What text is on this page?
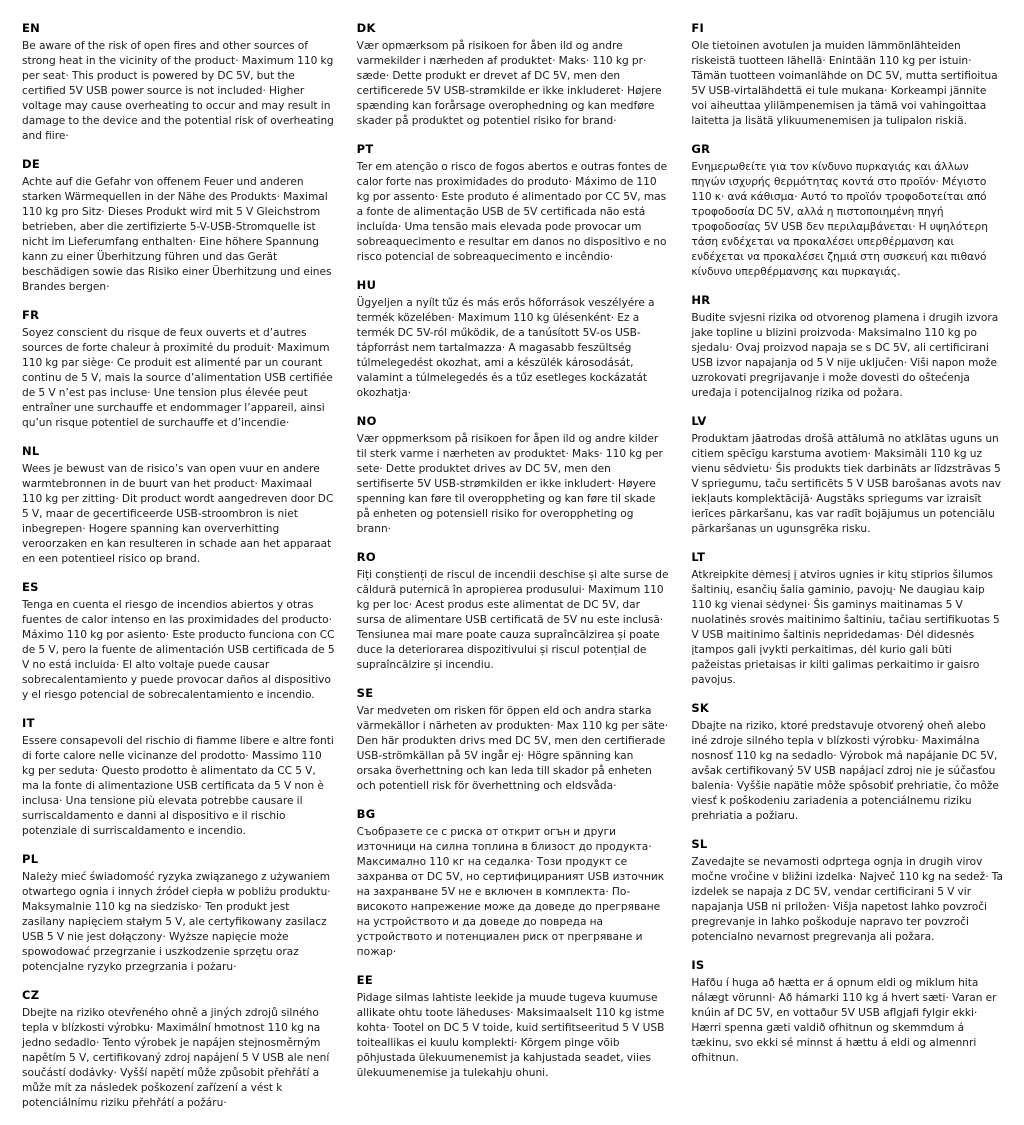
EN

Be aware of the risk of open fires and other sources of strong heat in the vicinity of the product· Maximum 110 kg per seat· This product is powered by DC 5V, but the certified 5V USB power source is not included· Higher voltage may cause overheating to occur and may result in damage to the device and the potential risk of overheating and fiire·

DE

Achte auf die Gefahr von offenem Feuer und anderen starken Wärmequellen in der Nähe des Produkts· Maximal 110 kg pro Sitz· Dieses Produkt wird mit 5 V Gleichstrom betrieben, aber die zertifizierte 5-V-USB-Stromquelle ist nicht im Lieferumfang enthalten· Eine höhere Spannung kann zu einer Überhitzung führen und das Gerät beschädigen sowie das Risiko einer Überhitzung und eines Brandes bergen·

FR

Soyez conscient du risque de feux ouverts et dʼautres sources de forte chaleur à proximité du produit· Maximum 110 kg par siège· Ce produit est alimenté par un courant continu de 5 V, mais la source dʼalimentation USB certifiée de 5 V nʼest pas incluse· Une tension plus élevée peut entraîner une surchauffe et endommager lʼappareil, ainsi quʼun risque potentiel de surchauffe et dʼincendie·

NL

Wees je bewust van de risicoʼs van open vuur en andere warmtebronnen in de buurt van het product· Maximaal 110 kg per zitting· Dit product wordt aangedreven door DC 5 V, maar de gecertificeerde USB-stroombron is niet inbegrepen· Hogere spanning kan oververhitting veroorzaken en kan resulteren in schade aan het apparaat en een potentieel risico op brand.

ES

Tenga en cuenta el riesgo de incendios abiertos y otras fuentes de calor intenso en las proximidades del producto· Máximo 110 kg por asiento· Este producto funciona con CC de 5 V, pero la fuente de alimentación USB certificada de 5 V no está incluida· El alto voltaje puede causar sobrecalentamiento y puede provocar daños al dispositivo y el riesgo potencial de sobrecalentamiento e incendio.

IT

Essere consapevoli del rischio di fiamme libere e altre fonti di forte calore nelle vicinanze del prodotto· Massimo 110 kg per seduta· Questo prodotto è alimentato da CC 5 V, ma la fonte di alimentazione USB certificata da 5 V non è inclusa· Una tensione più elevata potrebbe causare il surriscaldamento e danni al dispositivo e il rischio potenziale di surriscaldamento e incendio.

PL

Należy mieć świadomość ryzyka związanego z używaniem otwartego ognia i innych źródeł ciepła w pobliżu produktu· Maksymalnie 110 kg na siedzisko· Ten produkt jest zasilany napięciem stałym 5 V, ale certyfikowany zasilacz USB 5 V nie jest dołączony· Wyższe napięcie może spowodować przegrzanie i uszkodzenie sprzętu oraz potencjalne ryzyko przegrzania i pożaru·

CZ

Dbejte na riziko otevřeného ohně a jiných zdrojů silného tepla v blízkosti výrobku· Maximální hmotnost 110 kg na jedno sedadlo· Tento výrobek je napájen stejnosměrným napětím 5 V, certifikovaný zdroj napájení 5 V USB ale není součástí dodávky· Vyšší napětí může způsobit přehřátí a může mít za následek poškození zařízení a vést k potenciálnímu riziku přehřátí a požáru·

DK

Vær opmærksom på risikoen for åben ild og andre varmekilder i nærheden af produktet· Maks· 110 kg pr· sæde· Dette produkt er drevet af DC 5V, men den certificerede 5V USB-strømkilde er ikke inkluderet· Højere spænding kan forårsage overophedning og kan medføre skader på produktet og potentiel risiko for brand·

PT

Ter em atenção o risco de fogos abertos e outras fontes de calor forte nas proximidades do produto· Máximo de 110 kg por assento· Este produto é alimentado por CC 5V, mas a fonte de alimentação USB de 5V certificada não está incluída· Uma tensão mais elevada pode provocar um sobreaquecimento e resultar em danos no dispositivo e no risco potencial de sobreaquecimento e incêndio·

HU

Ügyeljen a nyílt tűz és más erős hőforrások veszélyére a termék közelében· Maximum 110 kg ülésenként· Ez a termék DC 5V-ról működik, de a tanúsított 5V-os USB-tápforrást nem tartalmazza· A magasabb feszültség túlmelegedést okozhat, ami a készülék károsodását, valamint a túlmelegedés és a tűz esetleges kockázatát okozhatja·

NO

Vær oppmerksom på risikoen for åpen ild og andre kilder til sterk varme i nærheten av produktet· Maks· 110 kg per sete· Dette produktet drives av DC 5V, men den sertifiserte 5V USB-strømkilden er ikke inkludert· Høyere spenning kan føre til overoppheting og kan føre til skade på enheten og potensiell risiko for overoppheting og brann·

RO

Fiți conștienți de riscul de incendii deschise și alte surse de căldură puternică în apropierea produsului· Maximum 110 kg per loc· Acest produs este alimentat de DC 5V, dar sursa de alimentare USB certificată de 5V nu este inclusă· Tensiunea mai mare poate cauza supraîncălzirea și poate duce la deteriorarea dispozitivului și riscul potențial de supraîncălzire și incendiu.

SE

Var medveten om risken för öppen eld och andra starka värmekällor i närheten av produkten· Max 110 kg per säte· Den här produkten drivs med DC 5V, men den certifierade USB-strömkällan på 5V ingår ej· Högre spänning kan orsaka överhettning och kan leda till skador på enheten och potentiell risk för överhettning och eldsvåda·

BG

Съобразете се с риска от открит огън и други източници на силна топлина в близост до продукта· Максимално 110 кг на седалка· Този продукт се захранва от DC 5V, но сертифицираният USB източник на захранване 5V не е включен в комплекта· По-високото напрежение може да доведе до прегряване на устройството и да доведе до повреда на устройството и потенциален риск от прегряване и пожар·

EE

Pidage silmas lahtiste leekide ja muude tugeva kuumuse allikate ohtu toote läheduses· Maksimaalselt 110 kg istme kohta· Tootel on DC 5 V toide, kuid sertifitseeritud 5 V USB toiteallikas ei kuulu komplekti· Kõrgem pinge võib põhjustada ülekuumenemist ja kahjustada seadet, viies ülekuumenemise ja tulekahju ohuni.

FI

Ole tietoinen avotulen ja muiden lämmönlähteiden riskeistä tuotteen lähellä· Enintään 110 kg per istuin· Tämän tuotteen voimanlähde on DC 5V, mutta sertifioitua 5V USB-virtalähdettä ei tule mukana· Korkeampi jännite voi aiheuttaa ylilämpenemisen ja tämä voi vahingoittaa laitetta ja lisätä ylikuumenemisen ja tulipalon riskiä.

GR

Ενημερωθείτε για τον κίνδυνο πυρκαγιάς και άλλων πηγών ισχυρής θερμότητας κοντά στο προϊόν· Μέγιστο 110 κ· ανά κάθισμα· Αυτό το προϊόν τροφοδοτείται από τροφοδοσία DC 5V, αλλά η πιστοποιημένη πηγή τροφοδοσίας 5V USB δεν περιλαμβάνεται· Η υψηλότερη τάση ενδέχεται να προκαλέσει υπερθέρμανση και ενδέχεται να προκαλέσει ζημιά στη συσκευή και πιθανό κίνδυνο υπερθέρμανσης και πυρκαγιάς.

HR

Budite svjesni rizika od otvorenog plamena i drugih izvora jake topline u blizini proizvoda· Maksimalno 110 kg po sjedalu· Ovaj proizvod napaja se s DC 5V, ali certificirani USB izvor napajanja od 5 V nije uključen· Viši napon može uzrokovati pregrijavanje i može dovesti do oštećenja uređaja i potencijalnog rizika od požara.

LV

Produktam jāatrodas drošā attālumā no atklātas uguns un citiem spēcīgu karstuma avotiem· Maksimāli 110 kg uz vienu sēdvietu· Šis produkts tiek darbināts ar līdzstrāvas 5 V spriegumu, taču sertificēts 5 V USB barošanas avots nav iekļauts komplektācijā· Augstāks spriegums var izraisīt ierīces pārkaršanu, kas var radīt bojājumus un potenciālu pārkaršanas un ugunsgrēka risku.

LT

Atkreipkite dėmesį į atviros ugnies ir kitų stiprios šilumos šaltinių, esančių šalia gaminio, pavojų· Ne daugiau kaip 110 kg vienai sėdynei· Šis gaminys maitinamas 5 V nuolatinės srovės maitinimo šaltiniu, tačiau sertifikuotas 5 V USB maitinimo šaltinis nepridedamas· Dėl didesnės įtampos gali įvykti perkaitimas, dėl kurio gali būti pažeistas prietaisas ir kilti galimas perkaitimo ir gaisro pavojus.

SK

Dbajte na riziko, ktoré predstavuje otvorený oheň alebo iné zdroje silného tepla v blízkosti výrobku· Maximálna nosnosť 110 kg na sedadlo· Výrobok má napájanie DC 5V, avšak certifikovaný 5V USB napájací zdroj nie je súčasťou balenia· Vyššie napätie môže spôsobiť prehriatie, čo môže viesť k poškodeniu zariadenia a potenciálnemu riziku prehriatia a požiaru.

SL

Zavedajte se nevarnosti odprtega ognja in drugih virov močne vročine v bližini izdelka· Največ 110 kg na sedež· Ta izdelek se napaja z DC 5V, vendar certificirani 5 V vir napajanja USB ni priložen· Višja napetost lahko povzroči pregrevanje in lahko poškoduje napravo ter povzroči potencialno nevarnost pregrevanja ali požara.

IS

Hafðu í huga að hætta er á opnum eldi og miklum hita nálægt vörunni· Að hámarki 110 kg á hvert sæti· Varan er knúin af DC 5V, en vottaður 5V USB aflgjafi fylgir ekki· Hærri spenna gæti valdið ofhitnun og skemmdum á tækinu, svo ekki sé minnst á hættu á eldi og almennri ofhitnun.
